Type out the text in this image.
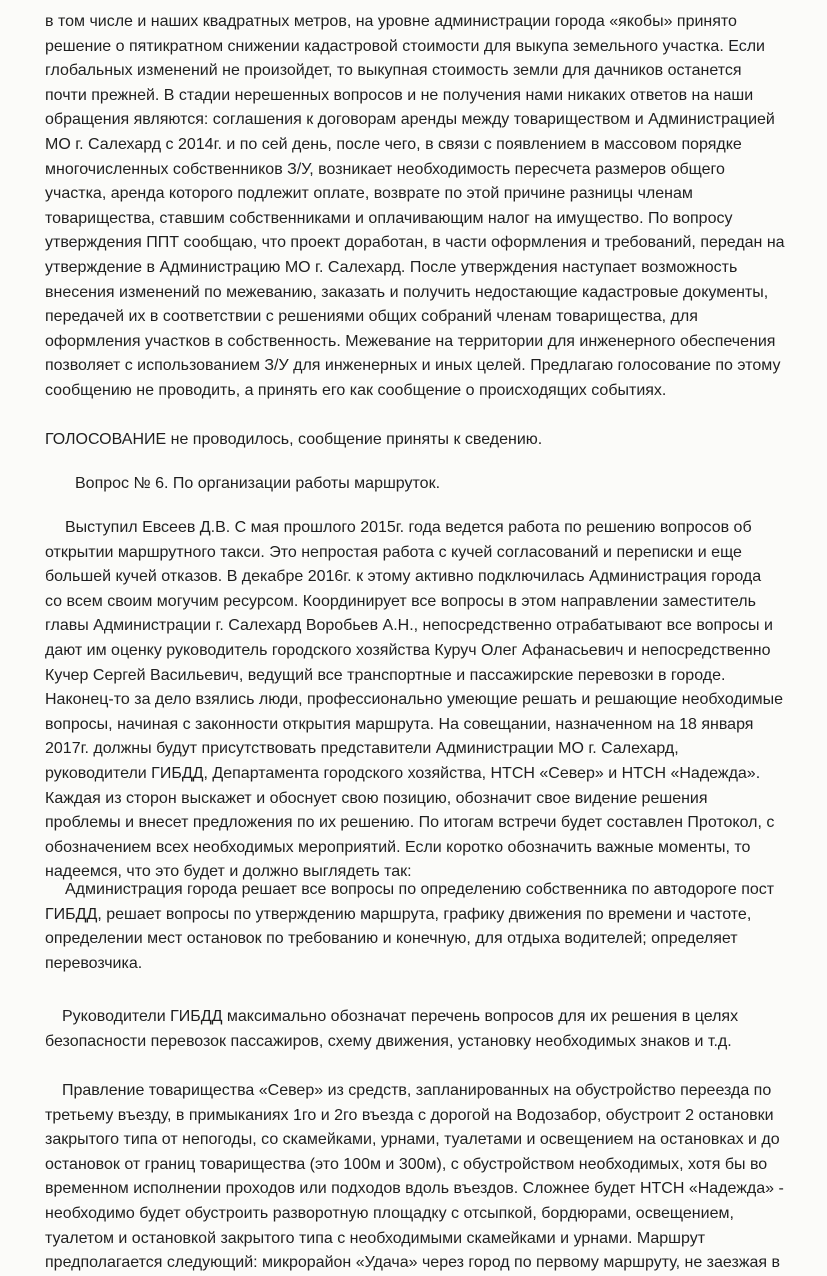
в том числе и наших квадратных метров, на уровне администрации города «якобы» принято
решение о пятикратном снижении кадастровой стоимости для выкупа земельного участка. Если
глобальных изменений не произойдет, то выкупная стоимость земли для дачников останется
почти прежней. В стадии нерешенных вопросов и не получения нами никаких ответов на наши
обращения являются: соглашения к договорам аренды между товариществом и Администрацией
МО г. Салехард с 2014г. и по сей день, после чего, в связи с появлением в массовом порядке
многочисленных собственников З/У, возникает необходимость пересчета размеров общего
участка, аренда которого подлежит оплате, возврате по этой причине разницы членам
товарищества, ставшим собственниками и оплачивающим налог на имущество. По вопросу
утверждения ППТ сообщаю, что проект доработан, в части оформления и требований, передан на
утверждение в Администрацию МО г. Салехард. После утверждения наступает возможность
внесения изменений по межеванию, заказать и получить недостающие кадастровые документы,
передачей их в соответствии с решениями общих собраний членам товарищества, для
оформления участков в собственность. Межевание на территории для инженерного обеспечения
позволяет с использованием З/У для инженерных и иных целей. Предлагаю голосование по этому
сообщению не проводить, а принять его как сообщение о происходящих событиях.
ГОЛОСОВАНИЕ не проводилось, сообщение приняты к сведению.
Вопрос № 6. По организации работы маршруток.
Выступил Евсеев Д.В. С мая прошлого 2015г. года ведется работа по решению вопросов об
открытии маршрутного такси. Это непростая работа с кучей согласований и переписки и еще
большей кучей отказов. В декабре 2016г. к этому активно подключилась Администрация города
со всем своим могучим ресурсом. Координирует все вопросы в этом направлении заместитель
главы Администрации г. Салехард Воробьев А.Н., непосредственно отрабатывают все вопросы и
дают им оценку руководитель городского хозяйства Куруч Олег Афанасьевич и непосредственно
Кучер Сергей Васильевич, ведущий все транспортные и пассажирские перевозки в городе.
Наконец-то за дело взялись люди, профессионально умеющие решать и решающие необходимые
вопросы, начиная с законности открытия маршрута. На совещании, назначенном на 18 января
2017г. должны будут присутствовать представители Администрации МО г. Салехард,
руководители ГИБДД, Департамента городского хозяйства, НТСН «Север» и НТСН «Надежда».
Каждая из сторон выскажет и обоснует свою позицию, обозначит свое видение решения
проблемы и внесет предложения по их решению. По итогам встречи будет составлен Протокол, с
обозначением всех необходимых мероприятий. Если коротко обозначить важные моменты, то
надеемся, что это будет и должно выглядеть так:
Администрация города решает все вопросы по определению собственника по автодороге пост
ГИБДД, решает вопросы по утверждению маршрута, графику движения по времени и частоте,
определении мест остановок по требованию и конечную, для отдыха водителей; определяет
перевозчика.
Руководители ГИБДД максимально обозначат перечень вопросов для их решения в целях
безопасности перевозок пассажиров, схему движения, установку необходимых знаков и т.д.
Правление товарищества «Север» из средств, запланированных на обустройство переезда по
третьему въезду, в примыканиях 1го и 2го въезда с дорогой на Водозабор, обустроит 2 остановки
закрытого типа от непогоды, со скамейками, урнами, туалетами и освещением на остановках и до
остановок от границ товарищества (это 100м и 300м), с обустройством необходимых, хотя бы во
временном исполнении проходов или подходов вдоль въездов. Сложнее будет НТСН «Надежда» -
необходимо будет обустроить разворотную площадку с отсыпкой, бордюрами, освещением,
туалетом и остановкой закрытого типа с необходимыми скамейками и урнами. Маршрут
предполагается следующий: микрорайон «Удача» через город по первому маршруту, не заезжая в
